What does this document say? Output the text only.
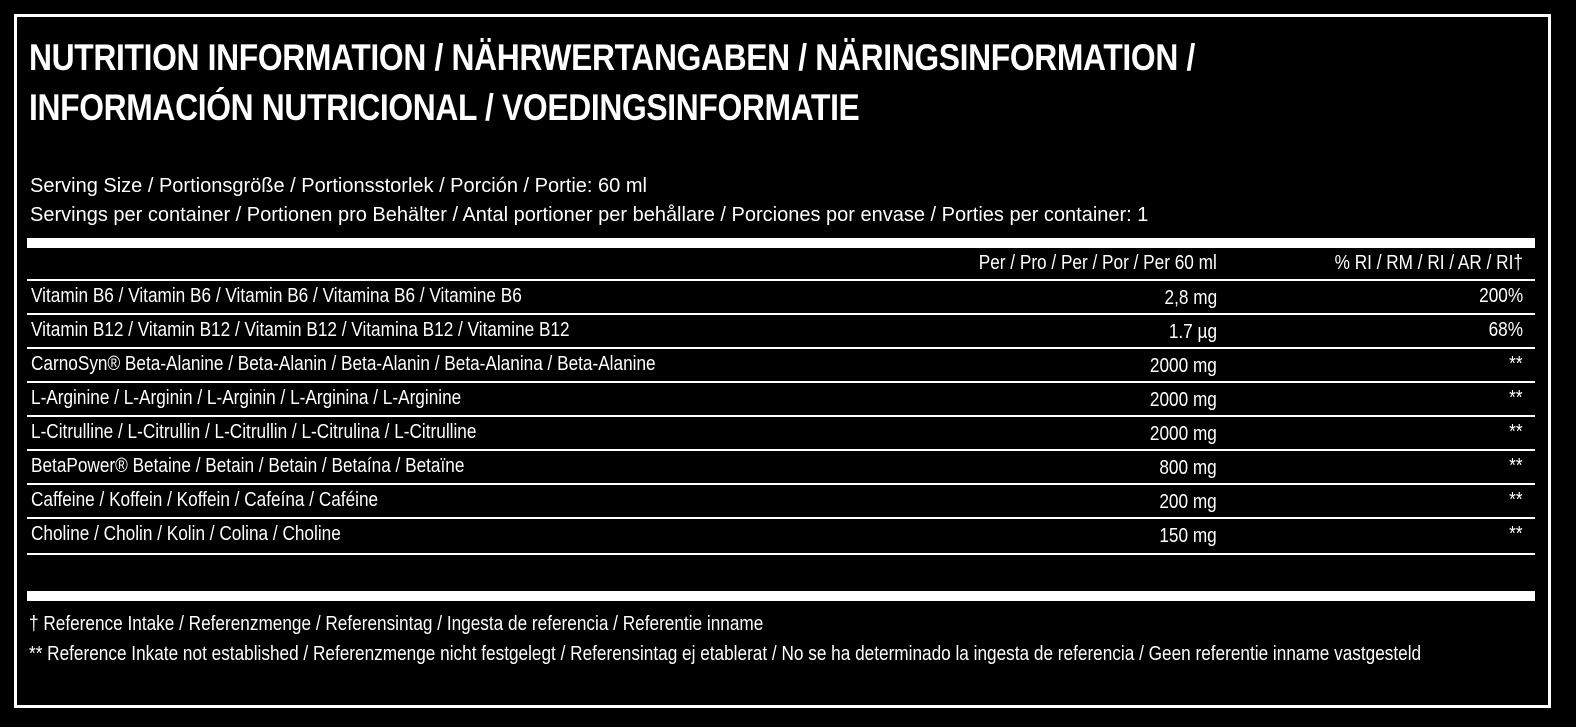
NUTRITION INFORMATION / NÄHRWERTANGABEN / NÄRINGSINFORMATION /
INFORMACIÓN NUTRICIONAL / VOEDINGSINFORMATIE
Serving Size / Portionsgröße / Portionsstorlek / Porción / Portie: 60 ml
Servings per container / Portionen pro Behälter / Antal portioner per behållare / Porciones por envase / Porties per container: 1
Per / Pro / Per / Por / Per 60 ml	% RI / RM / RI / AR / RI†
Vitamin B6 / Vitamin B6 / Vitamin B6 / Vitamina B6 / Vitamine B6	2,8 mg	200%
Vitamin B12 / Vitamin B12 / Vitamin B12 / Vitamina B12 / Vitamine B12	1.7 µg	68%
CarnoSyn® Beta-Alanine / Beta-Alanin / Beta-Alanin / Beta-Alanina / Beta-Alanine	2000 mg	**
L-Arginine / L-Arginin / L-Arginin / L-Arginina / L-Arginine	2000 mg	**
L-Citrulline / L-Citrullin / L-Citrullin / L-Citrulina / L-Citrulline	2000 mg	**
BetaPower® Betaine / Betain / Betain / Betaína / Betaïne	800 mg	**
Caffeine / Koffein / Koffein / Cafeína / Caféine	200 mg	**
Choline / Cholin / Kolin / Colina / Choline	150 mg	**
† Reference Intake / Referenzmenge / Referensintag / Ingesta de referencia / Referentie inname
** Reference Inkate not established / Referenzmenge nicht festgelegt / Referensintag ej etablerat / No se ha determinado la ingesta de referencia / Geen referentie inname vastgesteld
